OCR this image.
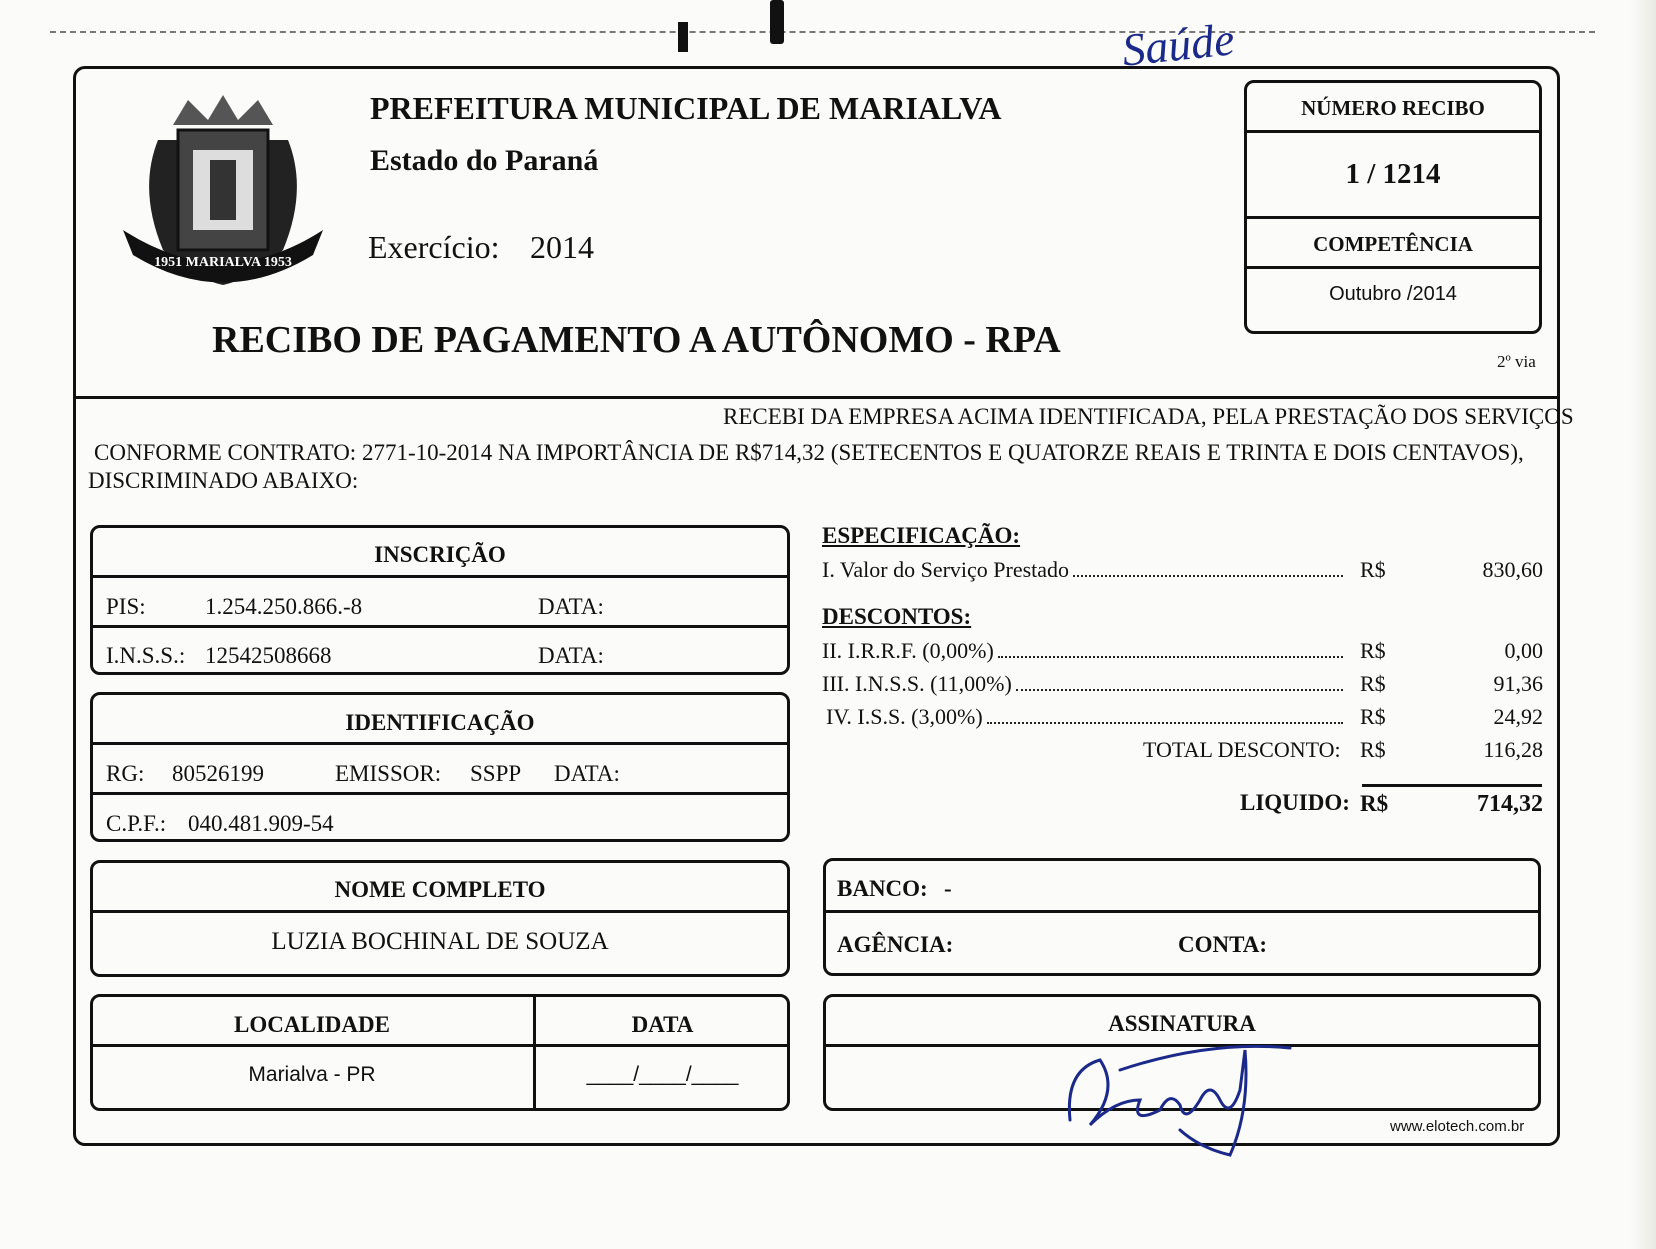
1951 MARIALVA 1953
PREFEITURA MUNICIPAL DE MARIALVA
Estado do Paraná
Exercício: 2014
RECIBO DE PAGAMENTO A AUTÔNOMO - RPA
2º via
Saúde
NÚMERO RECIBO
1 / 1214
COMPETÊNCIA
Outubro /2014
RECEBI DA EMPRESA ACIMA IDENTIFICADA, PELA PRESTAÇÃO DOS SERVIÇOS
CONFORME CONTRATO: 2771-10-2014 NA IMPORTÂNCIA DE R$714,32 (SETECENTOS E QUATORZE REAIS E TRINTA E DOIS CENTAVOS),
DISCRIMINADO ABAIXO:
INSCRIÇÃO
PIS:	1.254.250.866.-8	DATA:
I.N.S.S.: 12542508668	DATA:
IDENTIFICAÇÃO
RG: 80526199	EMISSOR: SSPP DATA:
C.P.F.: 040.481.909-54
NOME COMPLETO
LUZIA BOCHINAL DE SOUZA
LOCALIDADE	DATA
Marialva - PR	____/____/____
ESPECIFICAÇÃO:
I. Valor do Serviço Prestado	R$	830,60
DESCONTOS:
II. I.R.R.F. (0,00%)	R$	0,00
III. I.N.S.S. (11,00%)	R$	91,36
IV. I.S.S. (3,00%)	R$	24,92
TOTAL DESCONTO: R$	116,28
LIQUIDO: R$	714,32
BANCO: -
AGÊNCIA:	CONTA:
ASSINATURA
www.elotech.com.br
